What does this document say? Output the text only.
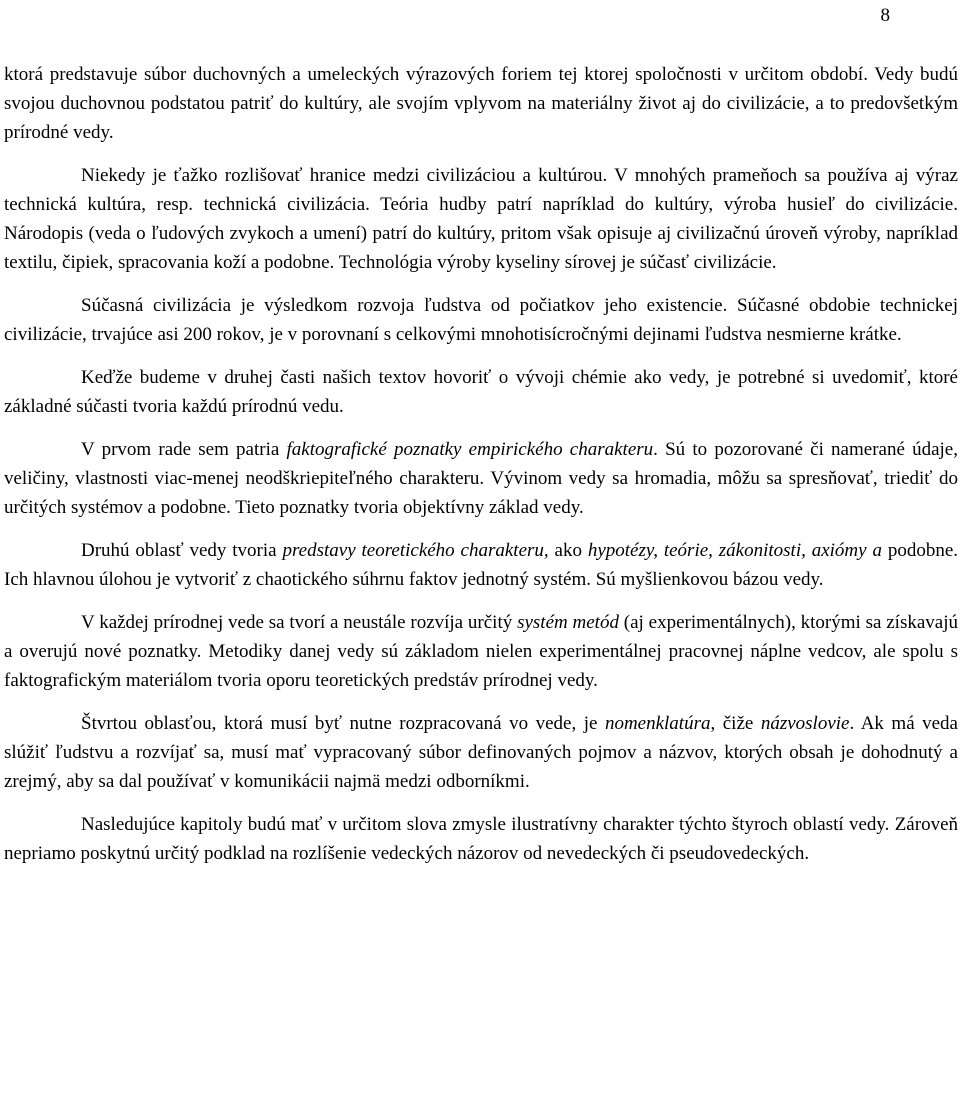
8

ktorá predstavuje súbor duchovných a umeleckých výrazových foriem tej ktorej spoločnosti v určitom období. Vedy budú svojou duchovnou podstatou patriť do kultúry, ale svojím vplyvom na materiálny život aj do civilizácie, a to predovšetkým prírodné vedy.

Niekedy je ťažko rozlišovať hranice medzi civilizáciou a kultúrou. V mnohých prameňoch sa používa aj výraz technická kultúra, resp. technická civilizácia. Teória hudby patrí napríklad do kultúry, výroba husieľ do civilizácie. Národopis (veda o ľudových zvykoch a umení) patrí do kultúry, pritom však opisuje aj civilizačnú úroveň výroby, napríklad textilu, čipiek, spracovania koží a podobne. Technológia výroby kyseliny sírovej je súčasť civilizácie.

Súčasná civilizácia je výsledkom rozvoja ľudstva od počiatkov jeho existencie. Súčasné obdobie technickej civilizácie, trvajúce asi 200 rokov, je v porovnaní s celkovými mnohotisícročnými dejinami ľudstva nesmierne krátke.

Keďže budeme v druhej časti našich textov hovoriť o vývoji chémie ako vedy, je potrebné si uvedomiť, ktoré základné súčasti tvoria každú prírodnú vedu.

V prvom rade sem patria faktografické poznatky empirického charakteru. Sú to pozorované či namerané údaje, veličiny, vlastnosti viac-menej neodškriepiteľného charakteru. Vývinom vedy sa hromadia, môžu sa spresňovať, triediť do určitých systémov a podobne. Tieto poznatky tvoria objektívny základ vedy.

Druhú oblasť vedy tvoria predstavy teoretického charakteru, ako hypotézy, teórie, zákonitosti, axiómy a podobne. Ich hlavnou úlohou je vytvoriť z chaotického súhrnu faktov jednotný systém. Sú myšlienkovou bázou vedy.

V každej prírodnej vede sa tvorí a neustále rozvíja určitý systém metód (aj experimentálnych), ktorými sa získavajú a overujú nové poznatky. Metodiky danej vedy sú základom nielen experimentálnej pracovnej náplne vedcov, ale spolu s faktografickým materiálom tvoria oporu teoretických predstáv prírodnej vedy.

Štvrtou oblasťou, ktorá musí byť nutne rozpracovaná vo vede, je nomenklatúra, čiže názvoslovie. Ak má veda slúžiť ľudstvu a rozvíjať sa, musí mať vypracovaný súbor definovaných pojmov a názvov, ktorých obsah je dohodnutý a zrejmý, aby sa dal používať v komunikácii najmä medzi odborníkmi.

Nasledujúce kapitoly budú mať v určitom slova zmysle ilustratívny charakter týchto štyroch oblastí vedy. Zároveň nepriamo poskytnú určitý podklad na rozlíšenie vedeckých názorov od nevedeckých či pseudovedeckých.
